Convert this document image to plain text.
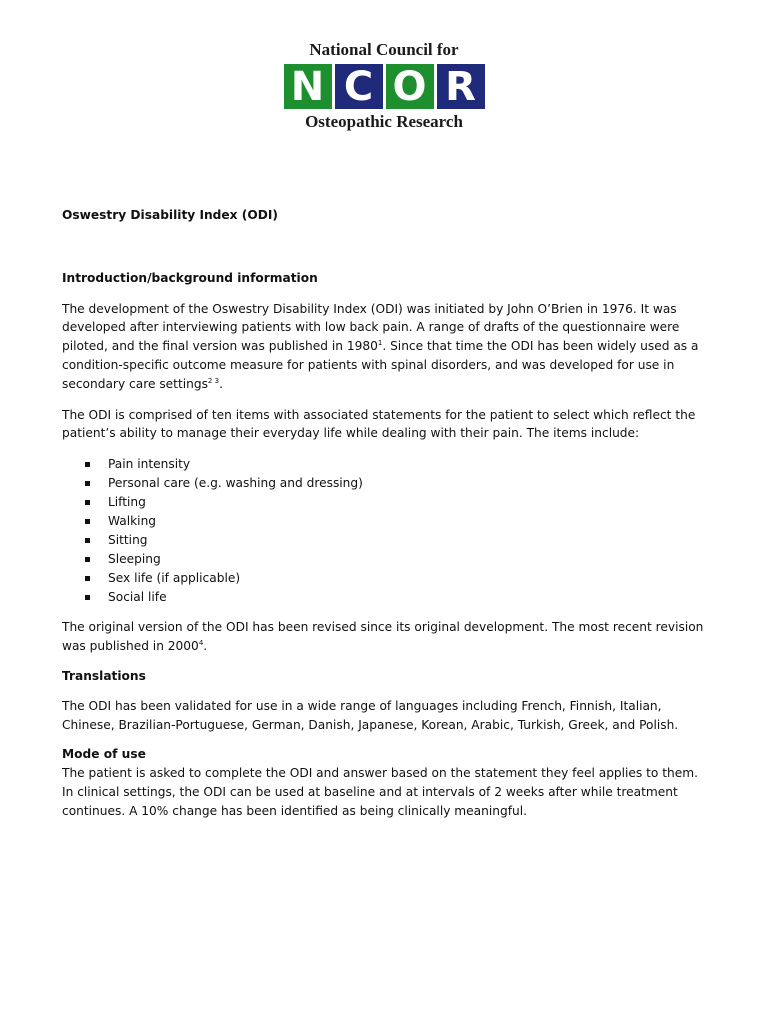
National Council for
N C O R
Osteopathic Research

Oswestry Disability Index (ODI)

Introduction/background information

The development of the Oswestry Disability Index (ODI) was initiated by John O’Brien in 1976. It was developed after interviewing patients with low back pain. A range of drafts of the questionnaire were piloted, and the final version was published in 1980$^1$. Since that time the ODI has been widely used as a condition-specific outcome measure for patients with spinal disorders, and was developed for use in secondary care settings$^{2 3}$.

The ODI is comprised of ten items with associated statements for the patient to select which reflect the patient’s ability to manage their everyday life while dealing with their pain. The items include:

Pain intensity
Personal care (e.g. washing and dressing)
Lifting
Walking
Sitting
Sleeping
Sex life (if applicable)
Social life

The original version of the ODI has been revised since its original development. The most recent revision was published in 2000$^4$.

Translations

The ODI has been validated for use in a wide range of languages including French, Finnish, Italian, Chinese, Brazilian-Portuguese, German, Danish, Japanese, Korean, Arabic, Turkish, Greek, and Polish.

Mode of use

The patient is asked to complete the ODI and answer based on the statement they feel applies to them. In clinical settings, the ODI can be used at baseline and at intervals of 2 weeks after while treatment continues. A 10% change has been identified as being clinically meaningful.
